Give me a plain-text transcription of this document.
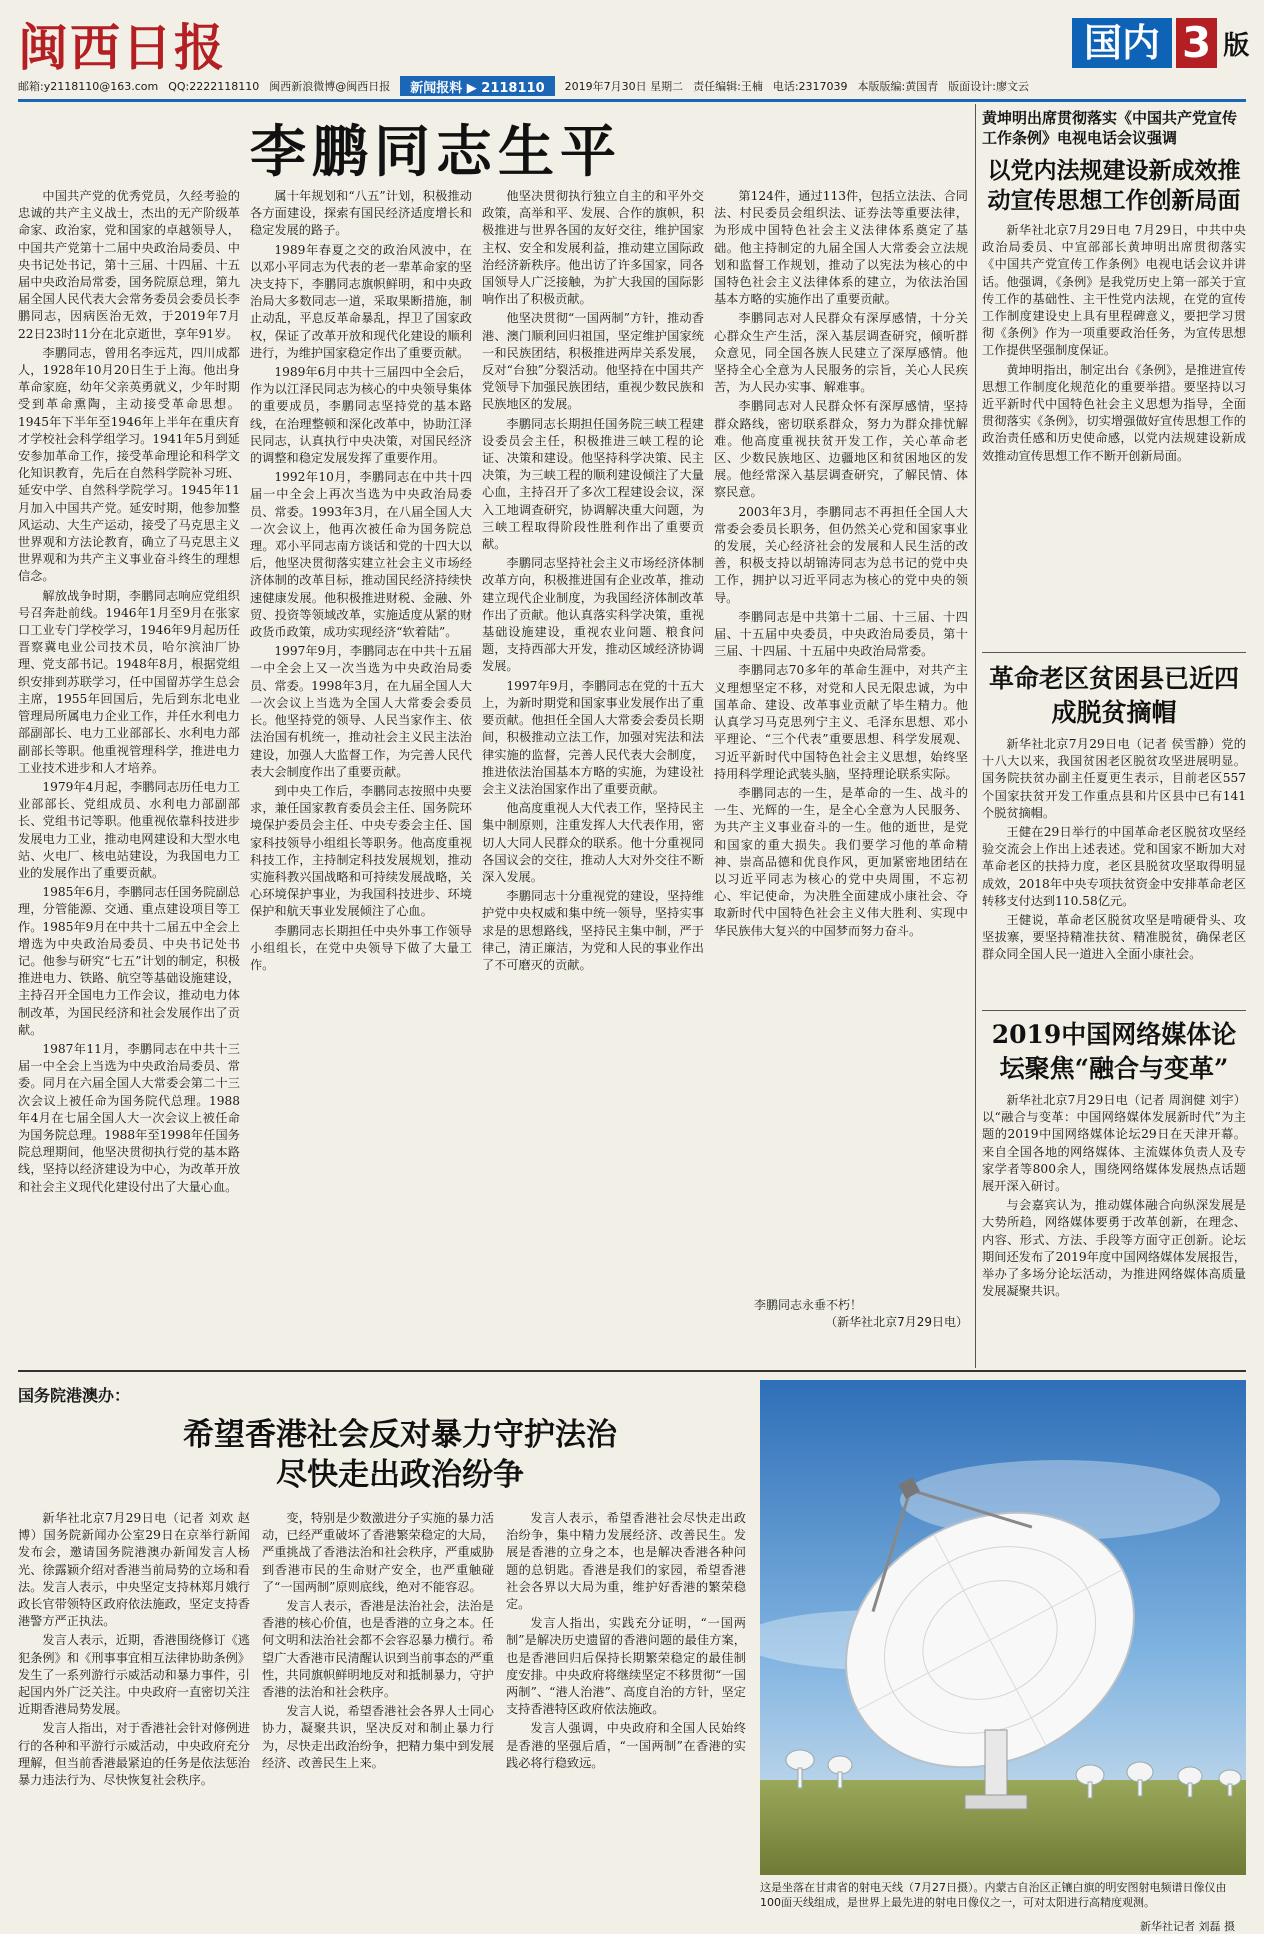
闽西日报	国内 3 版
邮箱:y2118110@163.com QQ:2222118110 闽西新浪微博@闽西日报	新闻报料 ▶ 2118110	2019年7月30日 星期二 责任编辑:王楠 电话:2317039 本版版编:黄国青 版面设计:廖文云
李鹏同志生平

中国共产党的优秀党员，久经考验的忠诚的共产主义战士，杰出的无产阶级革命家、政治家，党和国家的卓越领导人，中国共产党第十二届中央政治局委员、中央书记处书记，第十三届、十四届、十五届中央政治局常委，国务院原总理，第九届全国人民代表大会常务委员会委员长李鹏同志，因病医治无效，于2019年7月22日23时11分在北京逝世，享年91岁。

李鹏同志，曾用名李远芃，四川成都人，1928年10月20日生于上海。他出身革命家庭，幼年父亲英勇就义，少年时期受到革命熏陶，主动接受革命思想。1945年下半年至1946年上半年在重庆育才学校社会科学组学习。1941年5月到延安参加革命工作，接受革命理论和科学文化知识教育，先后在自然科学院补习班、延安中学、自然科学院学习。1945年11月加入中国共产党。延安时期，他参加整风运动、大生产运动，接受了马克思主义世界观和方法论教育，确立了马克思主义世界观和为共产主义事业奋斗终生的理想信念。

解放战争时期，李鹏同志响应党组织号召奔赴前线。1946年1月至9月在张家口工业专门学校学习，1946年9月起历任晋察冀电业公司技术员，哈尔滨油厂协理、党支部书记。1948年8月，根据党组织安排到苏联学习，任中国留苏学生总会主席，1955年回国后，先后到东北电业管理局所属电力企业工作，并任水利电力部副部长、电力工业部部长、水利电力部副部长等职。他重视管理科学，推进电力工业技术进步和人才培养。

1979年4月起，李鹏同志历任电力工业部部长、党组成员、水利电力部副部长、党组书记等职。他重视依靠科技进步发展电力工业，推动电网建设和大型水电站、火电厂、核电站建设，为我国电力工业的发展作出了重要贡献。

1985年6月，李鹏同志任国务院副总理，分管能源、交通、重点建设项目等工作。1985年9月在中共十二届五中全会上增选为中央政治局委员、中央书记处书记。他参与研究“七五”计划的制定，积极推进电力、铁路、航空等基础设施建设，主持召开全国电力工作会议，推动电力体制改革，为国民经济和社会发展作出了贡献。

1987年11月，李鹏同志在中共十三届一中全会上当选为中央政治局委员、常委。同月在六届全国人大常委会第二十三次会议上被任命为国务院代总理。1988年4月在七届全国人大一次会议上被任命为国务院总理。1988年至1998年任国务院总理期间，他坚决贯彻执行党的基本路线，坚持以经济建设为中心，为改革开放和社会主义现代化建设付出了大量心血。

属十年规划和“八五”计划，积极推动各方面建设，探索有国民经济适度增长和稳定发展的路子。

1989年春夏之交的政治风波中，在以邓小平同志为代表的老一辈革命家的坚决支持下，李鹏同志旗帜鲜明，和中央政治局大多数同志一道，采取果断措施，制止动乱，平息反革命暴乱，捍卫了国家政权，保证了改革开放和现代化建设的顺利进行，为维护国家稳定作出了重要贡献。

1989年6月中共十三届四中全会后，作为以江泽民同志为核心的中央领导集体的重要成员，李鹏同志坚持党的基本路线，在治理整顿和深化改革中，协助江泽民同志，认真执行中央决策，对国民经济的调整和稳定发展发挥了重要作用。

1992年10月，李鹏同志在中共十四届一中全会上再次当选为中央政治局委员、常委。1993年3月，在八届全国人大一次会议上，他再次被任命为国务院总理。邓小平同志南方谈话和党的十四大以后，他坚决贯彻落实建立社会主义市场经济体制的改革目标，推动国民经济持续快速健康发展。他积极推进财税、金融、外贸、投资等领域改革，实施适度从紧的财政货币政策，成功实现经济“软着陆”。

1997年9月，李鹏同志在中共十五届一中全会上又一次当选为中央政治局委员、常委。1998年3月，在九届全国人大一次会议上当选为全国人大常委会委员长。他坚持党的领导、人民当家作主、依法治国有机统一，推动社会主义民主法治建设，加强人大监督工作，为完善人民代表大会制度作出了重要贡献。

到中央工作后，李鹏同志按照中央要求，兼任国家教育委员会主任、国务院环境保护委员会主任、中央专委会主任、国家科技领导小组组长等职务。他高度重视科技工作，主持制定科技发展规划，推动实施科教兴国战略和可持续发展战略，关心环境保护事业，为我国科技进步、环境保护和航天事业发展倾注了心血。

李鹏同志长期担任中央外事工作领导小组组长，在党中央领导下做了大量工作。

他坚决贯彻执行独立自主的和平外交政策，高举和平、发展、合作的旗帜，积极推进与世界各国的友好交往，维护国家主权、安全和发展利益，推动建立国际政治经济新秩序。他出访了许多国家，同各国领导人广泛接触，为扩大我国的国际影响作出了积极贡献。

他坚决贯彻“一国两制”方针，推动香港、澳门顺利回归祖国，坚定维护国家统一和民族团结，积极推进两岸关系发展，反对“台独”分裂活动。他坚持在中国共产党领导下加强民族团结，重视少数民族和民族地区的发展。

李鹏同志长期担任国务院三峡工程建设委员会主任，积极推进三峡工程的论证、决策和建设。他坚持科学决策、民主决策，为三峡工程的顺利建设倾注了大量心血，主持召开了多次工程建设会议，深入工地调查研究，协调解决重大问题，为三峡工程取得阶段性胜利作出了重要贡献。

李鹏同志坚持社会主义市场经济体制改革方向，积极推进国有企业改革，推动建立现代企业制度，为我国经济体制改革作出了贡献。他认真落实科学决策，重视基础设施建设，重视农业问题、粮食问题，支持西部大开发，推动区域经济协调发展。

1997年9月，李鹏同志在党的十五大上，为新时期党和国家事业发展作出了重要贡献。他担任全国人大常委会委员长期间，积极推动立法工作，加强对宪法和法律实施的监督，完善人民代表大会制度，推进依法治国基本方略的实施，为建设社会主义法治国家作出了重要贡献。

他高度重视人大代表工作，坚持民主集中制原则，注重发挥人大代表作用，密切人大同人民群众的联系。他十分重视同各国议会的交往，推动人大对外交往不断深入发展。

李鹏同志十分重视党的建设，坚持维护党中央权威和集中统一领导，坚持实事求是的思想路线，坚持民主集中制，严于律己，清正廉洁，为党和人民的事业作出了不可磨灭的贡献。

第124件，通过113件，包括立法法、合同法、村民委员会组织法、证券法等重要法律，为形成中国特色社会主义法律体系奠定了基础。他主持制定的九届全国人大常委会立法规划和监督工作规划，推动了以宪法为核心的中国特色社会主义法律体系的建立，为依法治国基本方略的实施作出了重要贡献。

李鹏同志对人民群众有深厚感情，十分关心群众生产生活，深入基层调查研究，倾听群众意见，同全国各族人民建立了深厚感情。他坚持全心全意为人民服务的宗旨，关心人民疾苦，为人民办实事、解难事。

李鹏同志对人民群众怀有深厚感情，坚持群众路线，密切联系群众，努力为群众排忧解难。他高度重视扶贫开发工作，关心革命老区、少数民族地区、边疆地区和贫困地区的发展。他经常深入基层调查研究，了解民情、体察民意。

2003年3月，李鹏同志不再担任全国人大常委会委员长职务，但仍然关心党和国家事业的发展，关心经济社会的发展和人民生活的改善，积极支持以胡锦涛同志为总书记的党中央工作，拥护以习近平同志为核心的党中央的领导。

李鹏同志是中共第十二届、十三届、十四届、十五届中央委员，中央政治局委员，第十三届、十四届、十五届中央政治局常委。

李鹏同志70多年的革命生涯中，对共产主义理想坚定不移，对党和人民无限忠诚，为中国革命、建设、改革事业贡献了毕生精力。他认真学习马克思列宁主义、毛泽东思想、邓小平理论、“三个代表”重要思想、科学发展观、习近平新时代中国特色社会主义思想，始终坚持用科学理论武装头脑，坚持理论联系实际。

李鹏同志的一生，是革命的一生、战斗的一生、光辉的一生，是全心全意为人民服务、为共产主义事业奋斗的一生。他的逝世，是党和国家的重大损失。我们要学习他的革命精神、崇高品德和优良作风，更加紧密地团结在以习近平同志为核心的党中央周围，不忘初心、牢记使命，为决胜全面建成小康社会、夺取新时代中国特色社会主义伟大胜利、实现中华民族伟大复兴的中国梦而努力奋斗。

李鹏同志永垂不朽！
（新华社北京7月29日电）
黄坤明出席贯彻落实《中国共产党宣传工作条例》电视电话会议强调
以党内法规建设新成效推动宣传思想工作创新局面

新华社北京7月29日电 7月29日，中共中央政治局委员、中宣部部长黄坤明出席贯彻落实《中国共产党宣传工作条例》电视电话会议并讲话。他强调，《条例》是我党历史上第一部关于宣传工作的基础性、主干性党内法规，在党的宣传工作制度建设史上具有里程碑意义，要把学习贯彻《条例》作为一项重要政治任务，为宣传思想工作提供坚强制度保证。

黄坤明指出，制定出台《条例》，是推进宣传思想工作制度化规范化的重要举措。要坚持以习近平新时代中国特色社会主义思想为指导，全面贯彻落实《条例》，切实增强做好宣传思想工作的政治责任感和历史使命感，以党内法规建设新成效推动宣传思想工作不断开创新局面。

革命老区贫困县已近四成脱贫摘帽

新华社北京7月29日电（记者 侯雪静）党的十八大以来，我国贫困老区脱贫攻坚进展明显。国务院扶贫办副主任夏更生表示，目前老区557个国家扶贫开发工作重点县和片区县中已有141个脱贫摘帽。

王健在29日举行的中国革命老区脱贫攻坚经验交流会上作出上述表述。党和国家不断加大对革命老区的扶持力度，老区县脱贫攻坚取得明显成效，2018年中央专项扶贫资金中安排革命老区转移支付达到110.58亿元。

王健说，革命老区脱贫攻坚是啃硬骨头、攻坚拔寨，要坚持精准扶贫、精准脱贫，确保老区群众同全国人民一道进入全面小康社会。

2019中国网络媒体论坛聚焦“融合与变革”

新华社北京7月29日电（记者 周润健 刘宇）以“融合与变革：中国网络媒体发展新时代”为主题的2019中国网络媒体论坛29日在天津开幕。来自全国各地的网络媒体、主流媒体负责人及专家学者等800余人，围绕网络媒体发展热点话题展开深入研讨。

与会嘉宾认为，推动媒体融合向纵深发展是大势所趋，网络媒体要勇于改革创新，在理念、内容、形式、方法、手段等方面守正创新。论坛期间还发布了2019年度中国网络媒体发展报告，举办了多场分论坛活动，为推进网络媒体高质量发展凝聚共识。

国务院港澳办：
希望香港社会反对暴力守护法治
尽快走出政治纷争

新华社北京7月29日电（记者 刘欢 赵博）国务院新闻办公室29日在京举行新闻发布会，邀请国务院港澳办新闻发言人杨光、徐露颖介绍对香港当前局势的立场和看法。发言人表示，中央坚定支持林郑月娥行政长官带领特区政府依法施政，坚定支持香港警方严正执法。

发言人表示，近期，香港围绕修订《逃犯条例》和《刑事事宜相互法律协助条例》发生了一系列游行示威活动和暴力事件，引起国内外广泛关注。中央政府一直密切关注近期香港局势发展。

发言人指出，对于香港社会针对修例进行的各种和平游行示威活动，中央政府充分理解，但当前香港最紧迫的任务是依法惩治暴力违法行为、尽快恢复社会秩序。

变，特别是少数激进分子实施的暴力活动，已经严重破坏了香港繁荣稳定的大局，严重挑战了香港法治和社会秩序，严重威胁到香港市民的生命财产安全，也严重触碰了“一国两制”原则底线，绝对不能容忍。

发言人表示，香港是法治社会，法治是香港的核心价值，也是香港的立身之本。任何文明和法治社会都不会容忍暴力横行。希望广大香港市民清醒认识到当前事态的严重性，共同旗帜鲜明地反对和抵制暴力，守护香港的法治和社会秩序。

发言人说，希望香港社会各界人士同心协力，凝聚共识，坚决反对和制止暴力行为，尽快走出政治纷争，把精力集中到发展经济、改善民生上来。

发言人表示，希望香港社会尽快走出政治纷争，集中精力发展经济、改善民生。发展是香港的立身之本，也是解决香港各种问题的总钥匙。香港是我们的家园，希望香港社会各界以大局为重，维护好香港的繁荣稳定。

发言人指出，实践充分证明，“一国两制”是解决历史遗留的香港问题的最佳方案，也是香港回归后保持长期繁荣稳定的最佳制度安排。中央政府将继续坚定不移贯彻“一国两制”、“港人治港”、高度自治的方针，坚定支持香港特区政府依法施政。

发言人强调，中央政府和全国人民始终是香港的坚强后盾，“一国两制”在香港的实践必将行稳致远。

这是坐落在甘肃省的射电天线（7月27日摄）。内蒙古自治区正镶白旗的明安图射电频谱日像仪由100面天线组成，是世界上最先进的射电日像仪之一，可对太阳进行高精度观测。
新华社记者 刘磊 摄
